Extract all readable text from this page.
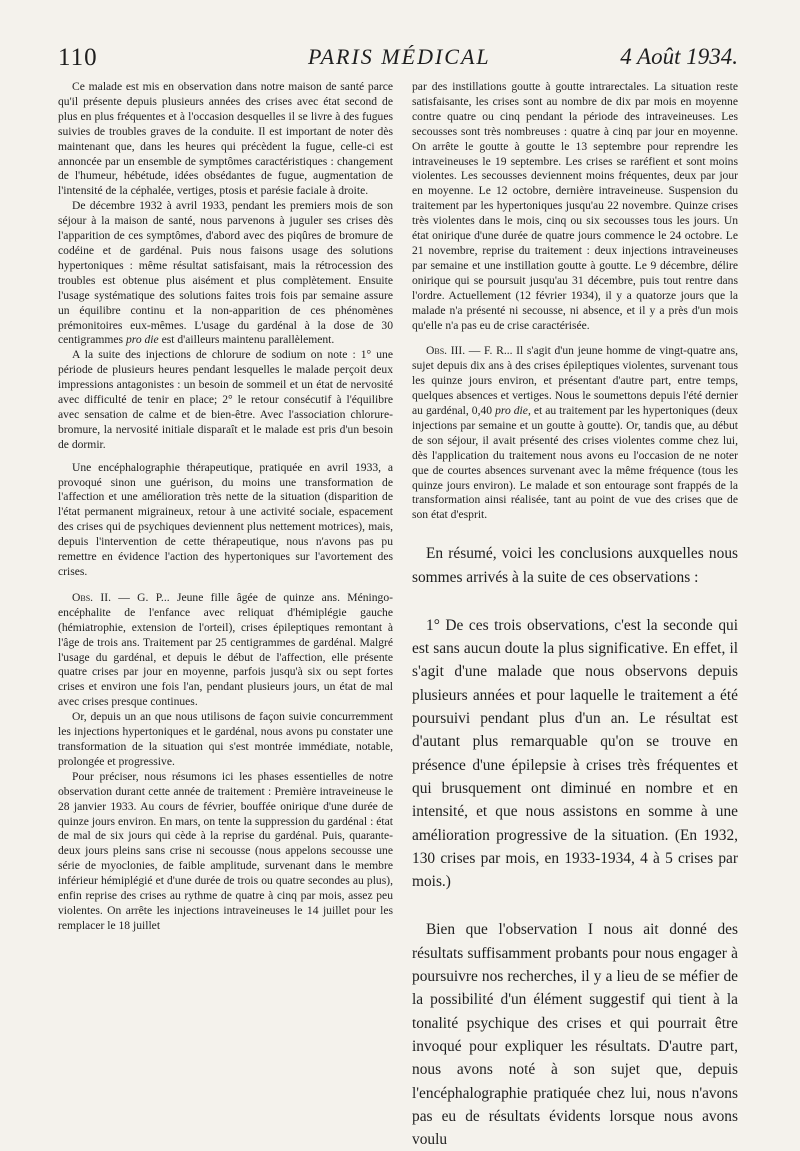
110	PARIS MÉDICAL	4 Août 1934.

Ce malade est mis en observation dans notre maison de santé parce qu'il présente depuis plusieurs années des crises avec état second de plus en plus fréquentes et à l'occasion desquelles il se livre à des fugues suivies de troubles graves de la conduite. Il est important de noter dès maintenant que, dans les heures qui précèdent la fugue, celle-ci est annoncée par un ensemble de symptômes caractéristiques : changement de l'humeur, hébétude, idées obsédantes de fugue, augmentation de l'intensité de la céphalée, vertiges, ptosis et parésie faciale à droite.

De décembre 1932 à avril 1933, pendant les premiers mois de son séjour à la maison de santé, nous parvenons à juguler ses crises dès l'apparition de ces symptômes, d'abord avec des piqûres de bromure de codéine et de gardénal. Puis nous faisons usage des solutions hypertoniques : même résultat satisfaisant, mais la rétrocession des troubles est obtenue plus aisément et plus complètement. Ensuite l'usage systématique des solutions faites trois fois par semaine assure un équilibre continu et la non-apparition de ces phénomènes prémonitoires eux-mêmes. L'usage du gardénal à la dose de 30 centigrammes pro die est d'ailleurs maintenu parallèlement.

A la suite des injections de chlorure de sodium on note : 1° une période de plusieurs heures pendant lesquelles le malade perçoit deux impressions antagonistes : un besoin de sommeil et un état de nervosité avec difficulté de tenir en place; 2° le retour consécutif à l'équilibre avec sensation de calme et de bien-être. Avec l'association chlorure-bromure, la nervosité initiale disparaît et le malade est pris d'un besoin de dormir.

Une encéphalographie thérapeutique, pratiquée en avril 1933, a provoqué sinon une guérison, du moins une transformation de l'affection et une amélioration très nette de la situation (disparition de l'état permanent migraineux, retour à une activité sociale, espacement des crises qui de psychiques deviennent plus nettement motrices), mais, depuis l'intervention de cette thérapeutique, nous n'avons pas pu remettre en évidence l'action des hypertoniques sur l'avortement des crises.

Obs. II. — G. P... Jeune fille âgée de quinze ans. Méningo-encéphalite de l'enfance avec reliquat d'hémiplégie gauche (hémiatrophie, extension de l'orteil), crises épileptiques remontant à l'âge de trois ans. Traitement par 25 centigrammes de gardénal. Malgré l'usage du gardénal, et depuis le début de l'affection, elle présente quatre crises par jour en moyenne, parfois jusqu'à six ou sept fortes crises et environ une fois l'an, pendant plusieurs jours, un état de mal avec crises presque continues.

Or, depuis un an que nous utilisons de façon suivie concurremment les injections hypertoniques et le gardénal, nous avons pu constater une transformation de la situation qui s'est montrée immédiate, notable, prolongée et progressive.

Pour préciser, nous résumons ici les phases essentielles de notre observation durant cette année de traitement : Première intraveineuse le 28 janvier 1933. Au cours de février, bouffée onirique d'une durée de quinze jours environ. En mars, on tente la suppression du gardénal : état de mal de six jours qui cède à la reprise du gardénal. Puis, quarante-deux jours pleins sans crise ni secousse (nous appelons secousse une série de myoclonies, de faible amplitude, survenant dans le membre inférieur hémiplégié et d'une durée de trois ou quatre secondes au plus), enfin reprise des crises au rythme de quatre à cinq par mois, assez peu violentes. On arrête les injections intraveineuses le 14 juillet pour les remplacer le 18 juillet

par des instillations goutte à goutte intrarectales. La situation reste satisfaisante, les crises sont au nombre de dix par mois en moyenne contre quatre ou cinq pendant la période des intraveineuses. Les secousses sont très nombreuses : quatre à cinq par jour en moyenne. On arrête le goutte à goutte le 13 septembre pour reprendre les intraveineuses le 19 septembre. Les crises se raréfient et sont moins violentes. Les secousses deviennent moins fréquentes, deux par jour en moyenne. Le 12 octobre, dernière intraveineuse. Suspension du traitement par les hypertoniques jusqu'au 22 novembre. Quinze crises très violentes dans le mois, cinq ou six secousses tous les jours. Un état onirique d'une durée de quatre jours commence le 24 octobre. Le 21 novembre, reprise du traitement : deux injections intraveineuses par semaine et une instillation goutte à goutte. Le 9 décembre, délire onirique qui se poursuit jusqu'au 31 décembre, puis tout rentre dans l'ordre. Actuellement (12 février 1934), il y a quatorze jours que la malade n'a présenté ni secousse, ni absence, et il y a près d'un mois qu'elle n'a pas eu de crise caractérisée.

Obs. III. — F. R... Il s'agit d'un jeune homme de vingt-quatre ans, sujet depuis dix ans à des crises épileptiques violentes, survenant tous les quinze jours environ, et présentant d'autre part, entre temps, quelques absences et vertiges. Nous le soumettons depuis l'été dernier au gardénal, 0,40 pro die, et au traitement par les hypertoniques (deux injections par semaine et un goutte à goutte). Or, tandis que, au début de son séjour, il avait présenté des crises violentes comme chez lui, dès l'application du traitement nous avons eu l'occasion de ne noter que de courtes absences survenant avec la même fréquence (tous les quinze jours environ). Le malade et son entourage sont frappés de la transformation ainsi réalisée, tant au point de vue des crises que de son état d'esprit.

En résumé, voici les conclusions auxquelles nous sommes arrivés à la suite de ces observations :

1° De ces trois observations, c'est la seconde qui est sans aucun doute la plus significative. En effet, il s'agit d'une malade que nous observons depuis plusieurs années et pour laquelle le traitement a été poursuivi pendant plus d'un an. Le résultat est d'autant plus remarquable qu'on se trouve en présence d'une épilepsie à crises très fréquentes et qui brusquement ont diminué en nombre et en intensité, et que nous assistons en somme à une amélioration progressive de la situation. (En 1932, 130 crises par mois, en 1933-1934, 4 à 5 crises par mois.)

Bien que l'observation I nous ait donné des résultats suffisamment probants pour nous engager à poursuivre nos recherches, il y a lieu de se méfier de la possibilité d'un élément suggestif qui tient à la tonalité psychique des crises et qui pourrait être invoqué pour expliquer les résultats. D'autre part, nous avons noté à son sujet que, depuis l'encéphalographie pratiquée chez lui, nous n'avons pas eu de résultats évidents lorsque nous avons voulu
